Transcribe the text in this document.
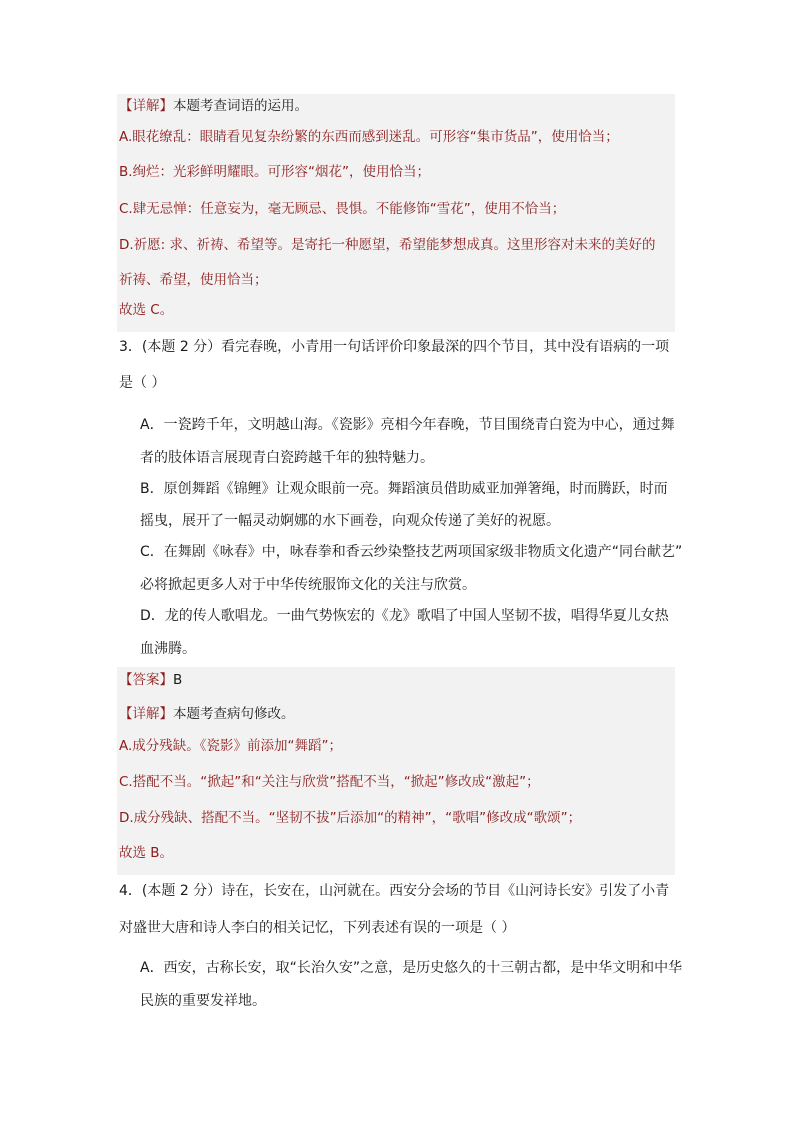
【详解】本题考查词语的运用。
A.眼花缭乱：眼睛看见复杂纷繁的东西而感到迷乱。可形容“集市货品”，使用恰当；
B.绚烂：光彩鲜明耀眼。可形容“烟花”，使用恰当；
C.肆无忌惮：任意妄为，毫无顾忌、畏惧。不能修饰“雪花”，使用不恰当；
D.祈愿: 求、祈祷、希望等。是寄托一种愿望，希望能梦想成真。这里形容对未来的美好的
祈祷、希望，使用恰当；
故选 C。
3．(本题 2 分）看完春晚，小青用一句话评价印象最深的四个节目，其中没有语病的一项
是（ ）
A．一瓷跨千年，文明越山海。《瓷影》亮相今年春晚，节目围绕青白瓷为中心，通过舞
者的肢体语言展现青白瓷跨越千年的独特魅力。
B．原创舞蹈《锦鲤》让观众眼前一亮。舞蹈演员借助威亚加弹箸绳，时而腾跃，时而
摇曳，展开了一幅灵动婀娜的水下画卷，向观众传递了美好的祝愿。
C．在舞剧《咏春》中，咏春拳和香云纱染整技艺两项国家级非物质文化遗产“同台献艺”
必将掀起更多人对于中华传统服饰文化的关注与欣赏。
D．龙的传人歌唱龙。一曲气势恢宏的《龙》歌唱了中国人坚韧不拔，唱得华夏儿女热
血沸腾。
【答案】B
【详解】本题考查病句修改。
A.成分残缺。《瓷影》前添加“舞蹈”；
C.搭配不当。“掀起”和“关注与欣赏”搭配不当，“掀起”修改成“激起”；
D.成分残缺、搭配不当。“坚韧不拔”后添加“的精神”，“歌唱”修改成“歌颂”；
故选 B。
4．(本题 2 分）诗在，长安在，山河就在。西安分会场的节目《山河诗长安》引发了小青
对盛世大唐和诗人李白的相关记忆，下列表述有误的一项是（ ）
A．西安，古称长安，取“长治久安”之意，是历史悠久的十三朝古都，是中华文明和中华
民族的重要发祥地。
